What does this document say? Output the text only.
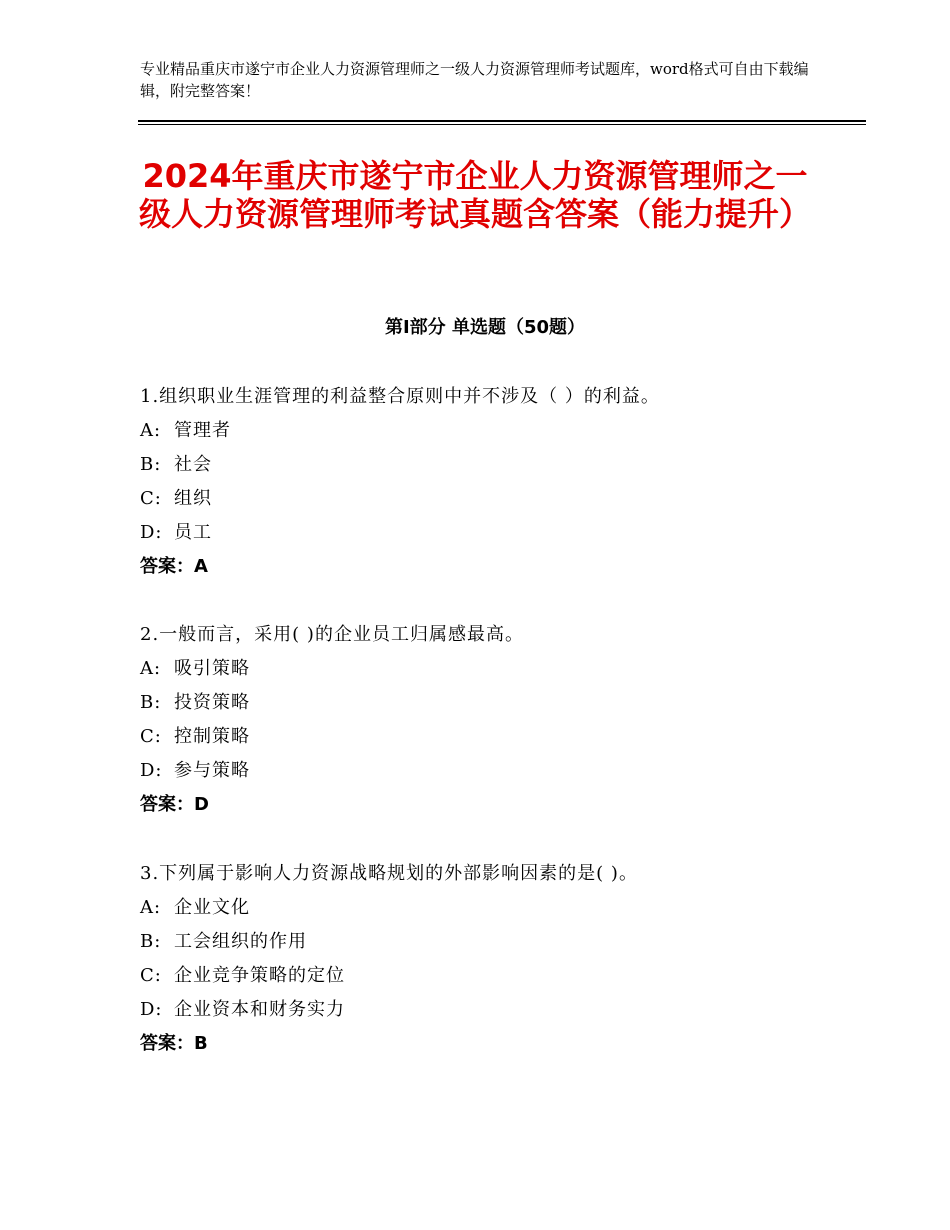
专业精品重庆市遂宁市企业人力资源管理师之一级人力资源管理师考试题库，word格式可自由下载编辑，附完整答案！
2024年重庆市遂宁市企业人力资源管理师之一级人力资源管理师考试真题含答案（能力提升）
第Ⅰ部分 单选题（50题）
1.组织职业生涯管理的利益整合原则中并不涉及（ ）的利益。
A: 管理者
B: 社会
C: 组织
D: 员工
答案：A
2.一般而言，采用( )的企业员工归属感最高。
A: 吸引策略
B: 投资策略
C: 控制策略
D: 参与策略
答案：D
3.下列属于影响人力资源战略规划的外部影响因素的是( )。
A: 企业文化
B: 工会组织的作用
C: 企业竞争策略的定位
D: 企业资本和财务实力
答案：B
